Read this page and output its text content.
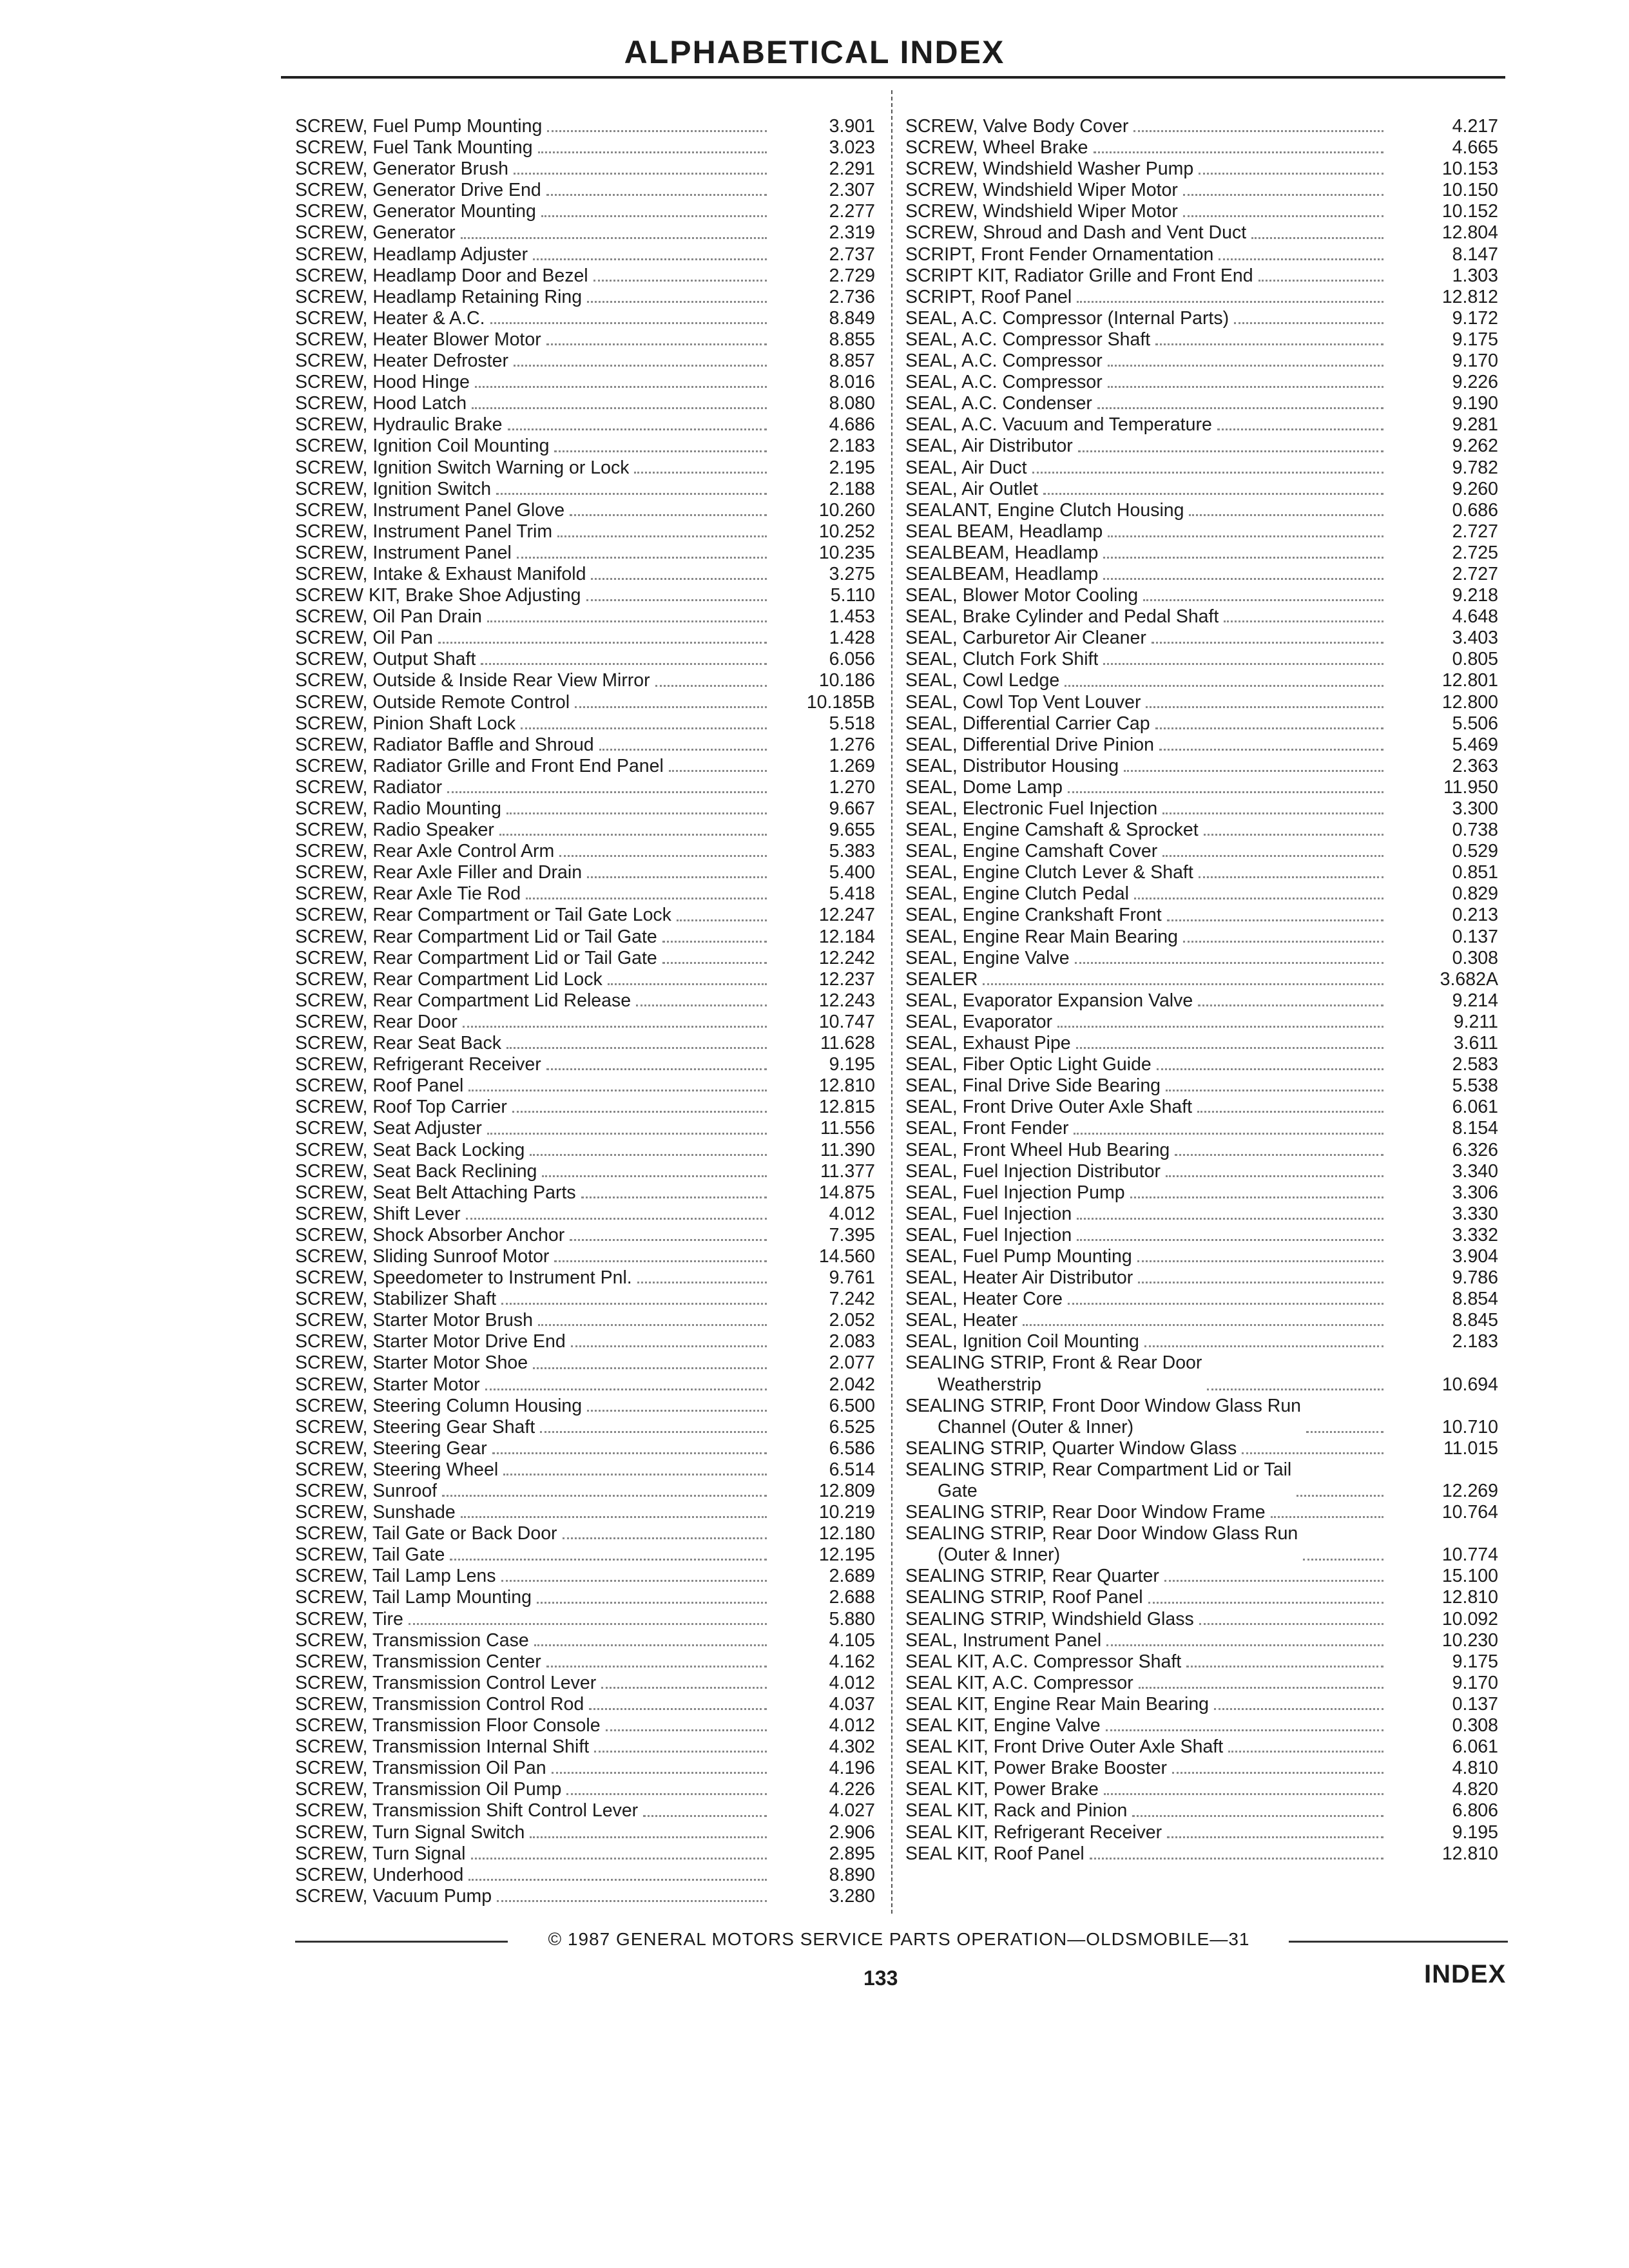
ALPHABETICAL INDEX
SCREW, Fuel Pump Mounting	3.901
SCREW, Fuel Tank Mounting	3.023
SCREW, Generator Brush	2.291
SCREW, Generator Drive End	2.307
SCREW, Generator Mounting	2.277
SCREW, Generator	2.319
SCREW, Headlamp Adjuster	2.737
SCREW, Headlamp Door and Bezel	2.729
SCREW, Headlamp Retaining Ring	2.736
SCREW, Heater & A.C.	8.849
SCREW, Heater Blower Motor	8.855
SCREW, Heater Defroster	8.857
SCREW, Hood Hinge	8.016
SCREW, Hood Latch	8.080
SCREW, Hydraulic Brake	4.686
SCREW, Ignition Coil Mounting	2.183
SCREW, Ignition Switch Warning or Lock	2.195
SCREW, Ignition Switch	2.188
SCREW, Instrument Panel Glove	10.260
SCREW, Instrument Panel Trim	10.252
SCREW, Instrument Panel	10.235
SCREW, Intake & Exhaust Manifold	3.275
SCREW KIT, Brake Shoe Adjusting	5.110
SCREW, Oil Pan Drain	1.453
SCREW, Oil Pan	1.428
SCREW, Output Shaft	6.056
SCREW, Outside & Inside Rear View Mirror	10.186
SCREW, Outside Remote Control	10.185B
SCREW, Pinion Shaft Lock	5.518
SCREW, Radiator Baffle and Shroud	1.276
SCREW, Radiator Grille and Front End Panel	1.269
SCREW, Radiator	1.270
SCREW, Radio Mounting	9.667
SCREW, Radio Speaker	9.655
SCREW, Rear Axle Control Arm	5.383
SCREW, Rear Axle Filler and Drain	5.400
SCREW, Rear Axle Tie Rod	5.418
SCREW, Rear Compartment or Tail Gate Lock	12.247
SCREW, Rear Compartment Lid or Tail Gate	12.184
SCREW, Rear Compartment Lid or Tail Gate	12.242
SCREW, Rear Compartment Lid Lock	12.237
SCREW, Rear Compartment Lid Release	12.243
SCREW, Rear Door	10.747
SCREW, Rear Seat Back	11.628
SCREW, Refrigerant Receiver	9.195
SCREW, Roof Panel	12.810
SCREW, Roof Top Carrier	12.815
SCREW, Seat Adjuster	11.556
SCREW, Seat Back Locking	11.390
SCREW, Seat Back Reclining	11.377
SCREW, Seat Belt Attaching Parts	14.875
SCREW, Shift Lever	4.012
SCREW, Shock Absorber Anchor	7.395
SCREW, Sliding Sunroof Motor	14.560
SCREW, Speedometer to Instrument Pnl.	9.761
SCREW, Stabilizer Shaft	7.242
SCREW, Starter Motor Brush	2.052
SCREW, Starter Motor Drive End	2.083
SCREW, Starter Motor Shoe	2.077
SCREW, Starter Motor	2.042
SCREW, Steering Column Housing	6.500
SCREW, Steering Gear Shaft	6.525
SCREW, Steering Gear	6.586
SCREW, Steering Wheel	6.514
SCREW, Sunroof	12.809
SCREW, Sunshade	10.219
SCREW, Tail Gate or Back Door	12.180
SCREW, Tail Gate	12.195
SCREW, Tail Lamp Lens	2.689
SCREW, Tail Lamp Mounting	2.688
SCREW, Tire	5.880
SCREW, Transmission Case	4.105
SCREW, Transmission Center	4.162
SCREW, Transmission Control Lever	4.012
SCREW, Transmission Control Rod	4.037
SCREW, Transmission Floor Console	4.012
SCREW, Transmission Internal Shift	4.302
SCREW, Transmission Oil Pan	4.196
SCREW, Transmission Oil Pump	4.226
SCREW, Transmission Shift Control Lever	4.027
SCREW, Turn Signal Switch	2.906
SCREW, Turn Signal	2.895
SCREW, Underhood	8.890
SCREW, Vacuum Pump	3.280
SCREW, Valve Body Cover	4.217
SCREW, Wheel Brake	4.665
SCREW, Windshield Washer Pump	10.153
SCREW, Windshield Wiper Motor	10.150
SCREW, Windshield Wiper Motor	10.152
SCREW, Shroud and Dash and Vent Duct	12.804
SCRIPT, Front Fender Ornamentation	8.147
SCRIPT KIT, Radiator Grille and Front End	1.303
SCRIPT, Roof Panel	12.812
SEAL, A.C. Compressor (Internal Parts)	9.172
SEAL, A.C. Compressor Shaft	9.175
SEAL, A.C. Compressor	9.170
SEAL, A.C. Compressor	9.226
SEAL, A.C. Condenser	9.190
SEAL, A.C. Vacuum and Temperature	9.281
SEAL, Air Distributor	9.262
SEAL, Air Duct	9.782
SEAL, Air Outlet	9.260
SEALANT, Engine Clutch Housing	0.686
SEAL BEAM, Headlamp	2.727
SEALBEAM, Headlamp	2.725
SEALBEAM, Headlamp	2.727
SEAL, Blower Motor Cooling	9.218
SEAL, Brake Cylinder and Pedal Shaft	4.648
SEAL, Carburetor Air Cleaner	3.403
SEAL, Clutch Fork Shift	0.805
SEAL, Cowl Ledge	12.801
SEAL, Cowl Top Vent Louver	12.800
SEAL, Differential Carrier Cap	5.506
SEAL, Differential Drive Pinion	5.469
SEAL, Distributor Housing	2.363
SEAL, Dome Lamp	11.950
SEAL, Electronic Fuel Injection	3.300
SEAL, Engine Camshaft & Sprocket	0.738
SEAL, Engine Camshaft Cover	0.529
SEAL, Engine Clutch Lever & Shaft	0.851
SEAL, Engine Clutch Pedal	0.829
SEAL, Engine Crankshaft Front	0.213
SEAL, Engine Rear Main Bearing	0.137
SEAL, Engine Valve	0.308
SEALER	3.682A
SEAL, Evaporator Expansion Valve	9.214
SEAL, Evaporator	9.211
SEAL, Exhaust Pipe	3.611
SEAL, Fiber Optic Light Guide	2.583
SEAL, Final Drive Side Bearing	5.538
SEAL, Front Drive Outer Axle Shaft	6.061
SEAL, Front Fender	8.154
SEAL, Front Wheel Hub Bearing	6.326
SEAL, Fuel Injection Distributor	3.340
SEAL, Fuel Injection Pump	3.306
SEAL, Fuel Injection	3.330
SEAL, Fuel Injection	3.332
SEAL, Fuel Pump Mounting	3.904
SEAL, Heater Air Distributor	9.786
SEAL, Heater Core	8.854
SEAL, Heater	8.845
SEAL, Ignition Coil Mounting	2.183
SEALING STRIP, Front & Rear Door
Weatherstrip	10.694
SEALING STRIP, Front Door Window Glass Run
Channel (Outer & Inner)	10.710
SEALING STRIP, Quarter Window Glass	11.015
SEALING STRIP, Rear Compartment Lid or Tail
Gate	12.269
SEALING STRIP, Rear Door Window Frame	10.764
SEALING STRIP, Rear Door Window Glass Run
(Outer & Inner)	10.774
SEALING STRIP, Rear Quarter	15.100
SEALING STRIP, Roof Panel	12.810
SEALING STRIP, Windshield Glass	10.092
SEAL, Instrument Panel	10.230
SEAL KIT, A.C. Compressor Shaft	9.175
SEAL KIT, A.C. Compressor	9.170
SEAL KIT, Engine Rear Main Bearing	0.137
SEAL KIT, Engine Valve	0.308
SEAL KIT, Front Drive Outer Axle Shaft	6.061
SEAL KIT, Power Brake Booster	4.810
SEAL KIT, Power Brake	4.820
SEAL KIT, Rack and Pinion	6.806
SEAL KIT, Refrigerant Receiver	9.195
SEAL KIT, Roof Panel	12.810
© 1987 GENERAL MOTORS SERVICE PARTS OPERATION—OLDSMOBILE—31
133	INDEX
